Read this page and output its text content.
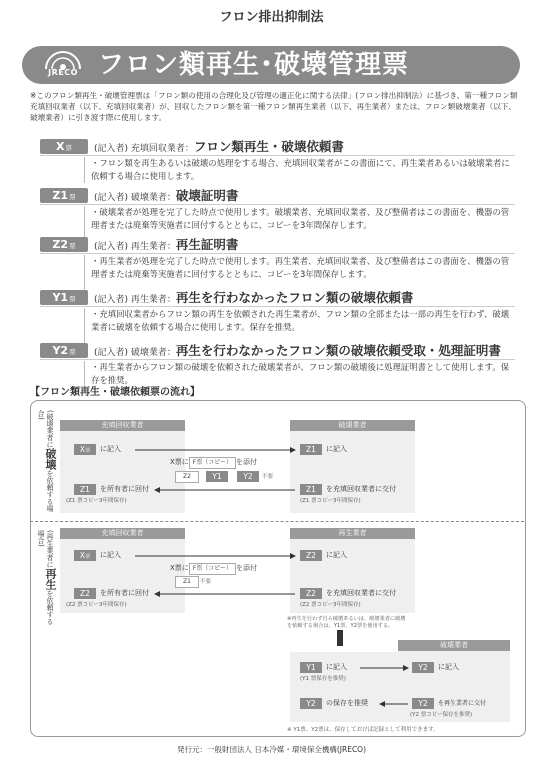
フロン排出抑制法
JRECO フロン類再生･破壊管理票
※このフロン類再生・破壊管理票は「フロン類の使用の合理化及び管理の適正化に関する法律」(フロン排出抑制法）に基づき、第一種フロン類充填回収業者（以下、充填回収業者）が、回収したフロン類を第一種フロン類再生業者（以下、再生業者）または、フロン類破壊業者（以下、破壊業者）に引き渡す際に使用します。
X票	(記入者) 充填回収業者：フロン類再生・破壊依頼書
・フロン類を再生あるいは破壊の処理をする場合、充填回収業者がこの書面にて、再生業者あるいは破壊業者に依頼する場合に使用します。
Z1票	(記入者) 破壊業者：破壊証明書
・破壊業者が処理を完了した時点で使用します。破壊業者、充填回収業者、及び整備者はこの書面を、機器の管理者または廃棄等実施者に回付するとともに、コピーを3年間保存します。
Z2票	(記入者) 再生業者：再生証明書
・再生業者が処理を完了した時点で使用します。再生業者、充填回収業者、及び整備者はこの書面を、機器の管理者または廃棄等実施者に回付するとともに、コピーを3年間保存します。
Y1票	(記入者) 再生業者：再生を行わなかったフロン類の破壊依頼書
・充填回収業者からフロン類の再生を依頼された再生業者が、フロン類の全部または一部の再生を行わず、破壊業者に破壊を依頼する場合に使用します。保存を推奨。
Y2票	(記入者) 破壊業者：再生を行わなかったフロン類の破壊依頼受取・処理証明書
・再生業者からフロン類の破壊を依頼された破壊業者が、フロン類の破壊後に処理証明書として使用します。保存を推奨。
【フロン類再生・破壊依頼票の流れ】
(破壊業者に破壊を依頼する場合)
充填回収業者	破壊業者
X票	に記入
X票に F票（コピー） を添付
Z2	Y1	Y2	不要
Z1	に記入
Z1	を所有者に回付
(Z1 票コピー3年間保存)
Z1	を充填回収業者に交付
(Z1 票コピー3年間保存)
(再生業者に再生を依頼する場合)	充填回収業者	再生業者
X票	に記入
X票に F票（コピー） を添付
Z1	不要
Z2	に記入
Z2	を所有者に回付
(Z2 票コピー3年間保存)
Z2	を充填回収業者に交付
(Z2 票コピー3年間保存)
※再生を行わず自ら破壊あるいは、破壊業者に破壊を依頼する場合は、Y1票、Y2票を使用する。
破壊業者
Y1	に記入
(Y1 票保存を推奨)
Y2	に記入
Y2	の保存を推奨	Y2	を再生業者に交付
(Y2 票コピー保存を推奨)
※ Y1票、Y2票は、保存しておけば記録として利用できます。
発行元：一般財団法人 日本冷媒・環境保全機構(JRECO)
